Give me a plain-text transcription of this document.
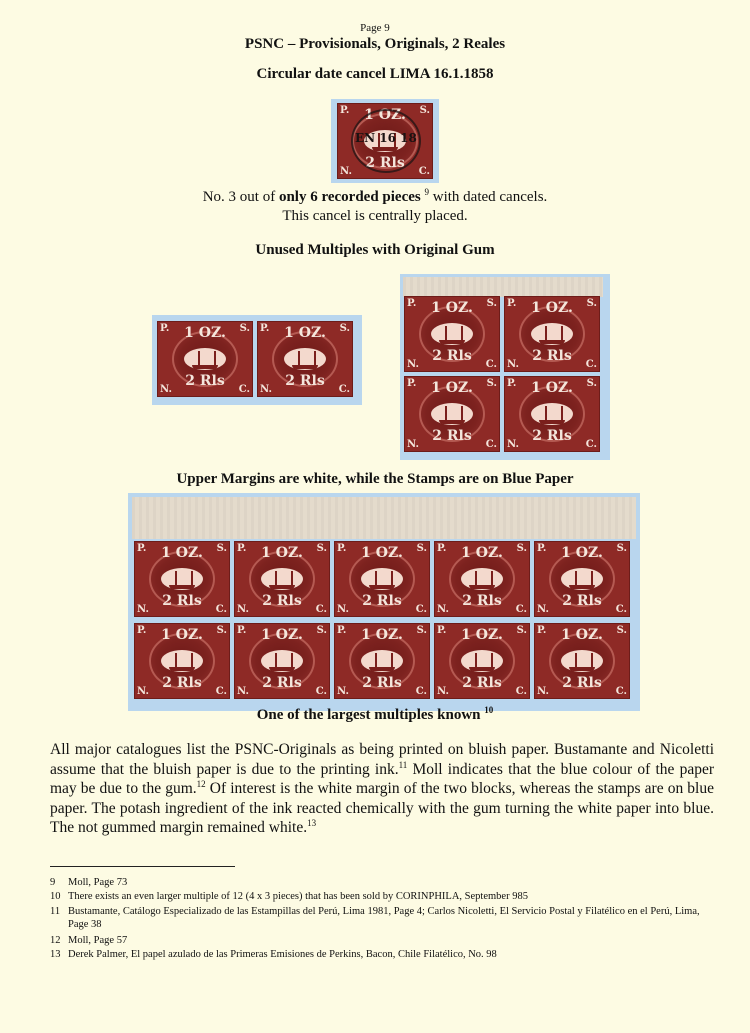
Page 9
PSNC – Provisionals, Originals, 2 Reales
Circular date cancel LIMA 16.1.1858
1 OZ.
2 Rls
P.	S.
N.	C.
EN 16 18
No. 3 out of only 6 recorded pieces $^9$ with dated cancels.
This cancel is centrally placed.
Unused Multiples with Original Gum
1 OZ.
2 Rls
P.	S.
N.	C.
1 OZ.
2 Rls
P.	S.
N.	C.
1 OZ.
2 Rls
P.	S.
N.	C.
1 OZ.
2 Rls
P.	S.
N.	C.
1 OZ.
2 Rls
P.	S.
N.	C.
1 OZ.
2 Rls
P.	S.
N.	C.
Upper Margins are white, while the Stamps are on Blue Paper
1 OZ.
2 Rls
P.	S.
N.	C.
1 OZ.
2 Rls
P.	S.
N.	C.
1 OZ.
2 Rls
P.	S.
N.	C.
1 OZ.
2 Rls
P.	S.
N.	C.
1 OZ.
2 Rls
P.	S.
N.	C.
1 OZ.
2 Rls
P.	S.
N.	C.
1 OZ.
2 Rls
P.	S.
N.	C.
1 OZ.
2 Rls
P.	S.
N.	C.
1 OZ.
2 Rls
P.	S.
N.	C.
1 OZ.
2 Rls
P.	S.
N.	C.
One of the largest multiples known $^{10}$
All major catalogues list the PSNC-Originals as being printed on bluish paper. Bustamante and Nicoletti assume that the bluish paper is due to the printing ink.$^{11}$ Moll indicates that the blue colour of the paper may be due to the gum.$^{12}$ Of interest is the white margin of the two blocks, whereas the stamps are on blue paper. The potash ingredient of the ink reacted chemically with the gum turning the white paper into blue. The not gummed margin remained white.$^{13}$
9	Moll, Page 73
10 There exists an even larger multiple of 12 (4 x 3 pieces) that has been sold by CORINPHILA, September 985
11 Bustamante, Catálogo Especializado de las Estampillas del Perú, Lima 1981, Page 4; Carlos Nicoletti, El Servicio Postal y Filatélico en el Perú, Lima, Page 38
12 Moll, Page 57
13 Derek Palmer, El papel azulado de las Primeras Emisiones de Perkins, Bacon, Chile Filatélico, No. 98
